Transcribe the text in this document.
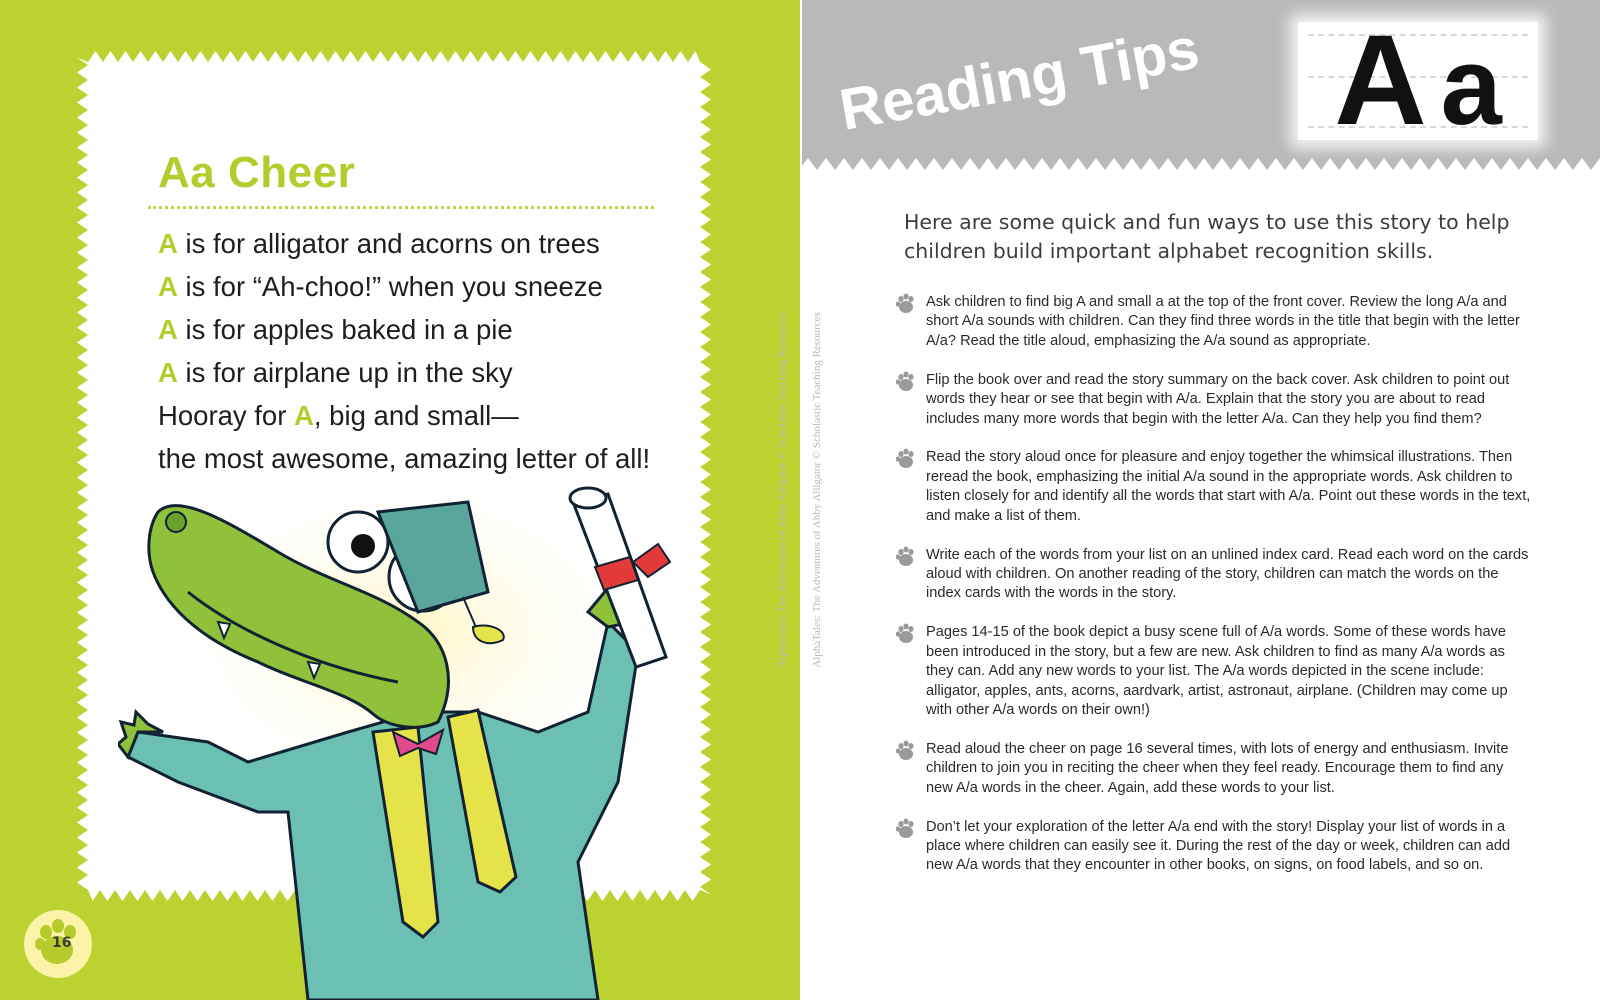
Aa Cheer
A is for alligator and acorns on trees
A is for “Ah-choo!” when you sneeze
A is for apples baked in a pie
A is for airplane up in the sky
Hooray for A, big and small—
the most awesome, amazing letter of all!
16
AlphaTales: The Adventures of Abby Alligator © Scholastic Teaching Resources AlphaTales: The Adventures of Abby Alligator © Scholastic Teaching Resources
Reading Tips A a
Here are some quick and fun ways to use this story to help children build important alphabet recognition skills.
Ask children to find big A and small a at the top of the front cover. Review the long A/a and short A/a sounds with children. Can they find three words in the title that begin with the letter A/a? Read the title aloud, emphasizing the A/a sound as appropriate.
Flip the book over and read the story summary on the back cover. Ask children to point out words they hear or see that begin with A/a. Explain that the story you are about to read includes many more words that begin with the letter A/a. Can they help you find them?
Read the story aloud once for pleasure and enjoy together the whimsical illustrations. Then reread the book, emphasizing the initial A/a sound in the appropriate words. Ask children to listen closely for and identify all the words that start with A/a. Point out these words in the text, and make a list of them.
Write each of the words from your list on an unlined index card. Read each word on the cards aloud with children. On another reading of the story, children can match the words on the index cards with the words in the story.
Pages 14-15 of the book depict a busy scene full of A/a words. Some of these words have been introduced in the story, but a few are new. Ask children to find as many A/a words as they can. Add any new words to your list. The A/a words depicted in the scene include: alligator, apples, ants, acorns, aardvark, artist, astronaut, airplane. (Children may come up with other A/a words on their own!)
Read aloud the cheer on page 16 several times, with lots of energy and enthusiasm. Invite children to join you in reciting the cheer when they feel ready. Encourage them to find any new A/a words in the cheer. Again, add these words to your list.
Don’t let your exploration of the letter A/a end with the story! Display your list of words in a place where children can easily see it. During the rest of the day or week, children can add new A/a words that they encounter in other books, on signs, on food labels, and so on.
